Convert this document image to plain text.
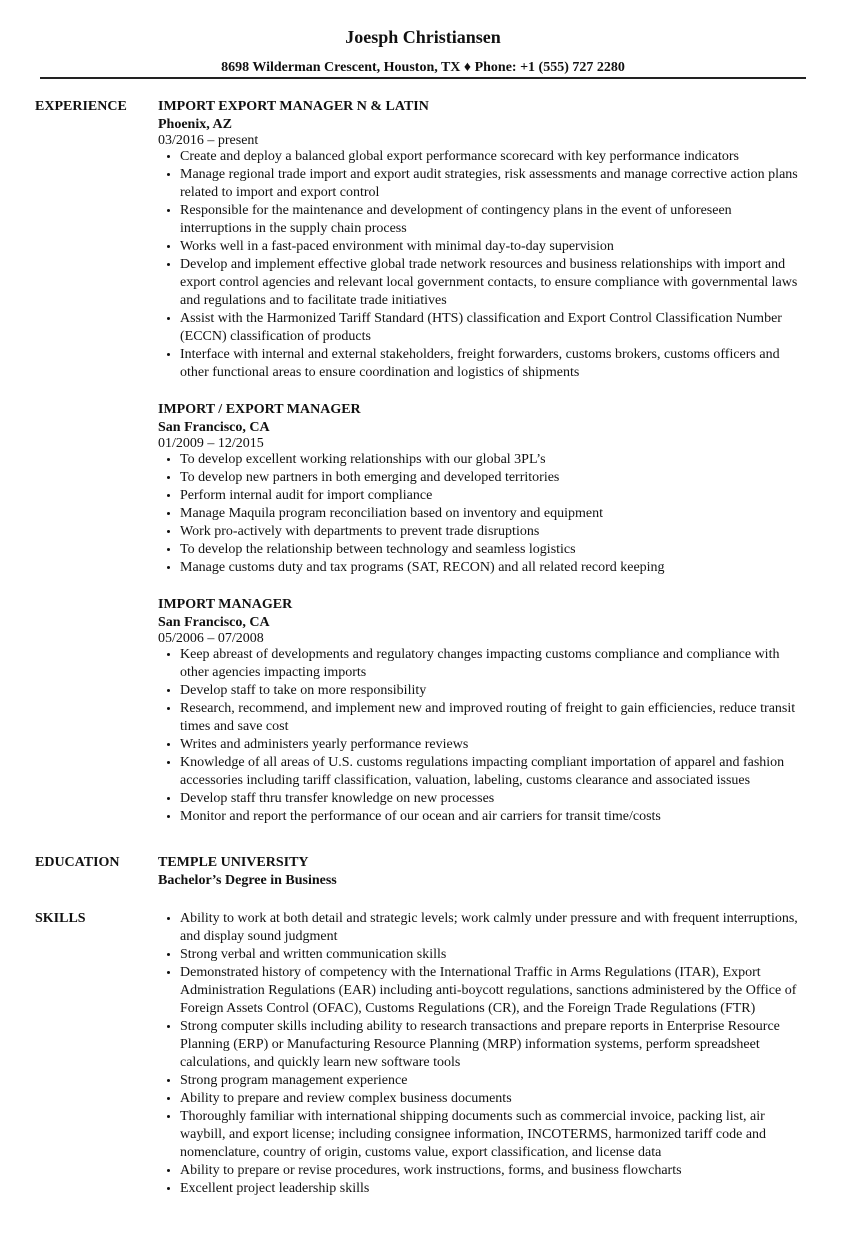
Joesph Christiansen
8698 Wilderman Crescent, Houston, TX ♦ Phone: +1 (555) 727 2280
EXPERIENCE IMPORT EXPORT MANAGER N & LATIN
Phoenix, AZ
03/2016 – present
• Create and deploy a balanced global export performance scorecard with key performance indicators
• Manage regional trade import and export audit strategies, risk assessments and manage corrective action plans related to import and export control
• Responsible for the maintenance and development of contingency plans in the event of unforeseen interruptions in the supply chain process
• Works well in a fast-paced environment with minimal day-to-day supervision
• Develop and implement effective global trade network resources and business relationships with import and export control agencies and relevant local government contacts, to ensure compliance with governmental laws and regulations and to facilitate trade initiatives
• Assist with the Harmonized Tariff Standard (HTS) classification and Export Control Classification Number (ECCN) classification of products
• Interface with internal and external stakeholders, freight forwarders, customs brokers, customs officers and other functional areas to ensure coordination and logistics of shipments
IMPORT / EXPORT MANAGER
San Francisco, CA
01/2009 – 12/2015
• To develop excellent working relationships with our global 3PL’s
• To develop new partners in both emerging and developed territories
• Perform internal audit for import compliance
• Manage Maquila program reconciliation based on inventory and equipment
• Work pro-actively with departments to prevent trade disruptions
• To develop the relationship between technology and seamless logistics
• Manage customs duty and tax programs (SAT, RECON) and all related record keeping
IMPORT MANAGER
San Francisco, CA
05/2006 – 07/2008
• Keep abreast of developments and regulatory changes impacting customs compliance and compliance with other agencies impacting imports
• Develop staff to take on more responsibility
• Research, recommend, and implement new and improved routing of freight to gain efficiencies, reduce transit times and save cost
• Writes and administers yearly performance reviews
• Knowledge of all areas of U.S. customs regulations impacting compliant importation of apparel and fashion accessories including tariff classification, valuation, labeling, customs clearance and associated issues
• Develop staff thru transfer knowledge on new processes
• Monitor and report the performance of our ocean and air carriers for transit time/costs
EDUCATION	TEMPLE UNIVERSITY
Bachelor’s Degree in Business
SKILLS
•	Ability to work at both detail and strategic levels; work calmly under pressure and with frequent interruptions, and display sound judgment
• Strong verbal and written communication skills
• Demonstrated history of competency with the International Traffic in Arms Regulations (ITAR), Export Administration Regulations (EAR) including anti-boycott regulations, sanctions administered by the Office of Foreign Assets Control (OFAC), Customs Regulations (CR), and the Foreign Trade Regulations (FTR)
• Strong computer skills including ability to research transactions and prepare reports in Enterprise Resource Planning (ERP) or Manufacturing Resource Planning (MRP) information systems, perform spreadsheet calculations, and quickly learn new software tools
• Strong program management experience
• Ability to prepare and review complex business documents
• Thoroughly familiar with international shipping documents such as commercial invoice, packing list, air waybill, and export license; including consignee information, INCOTERMS, harmonized tariff code and nomenclature, country of origin, customs value, export classification, and license data
• Ability to prepare or revise procedures, work instructions, forms, and business flowcharts
• Excellent project leadership skills
